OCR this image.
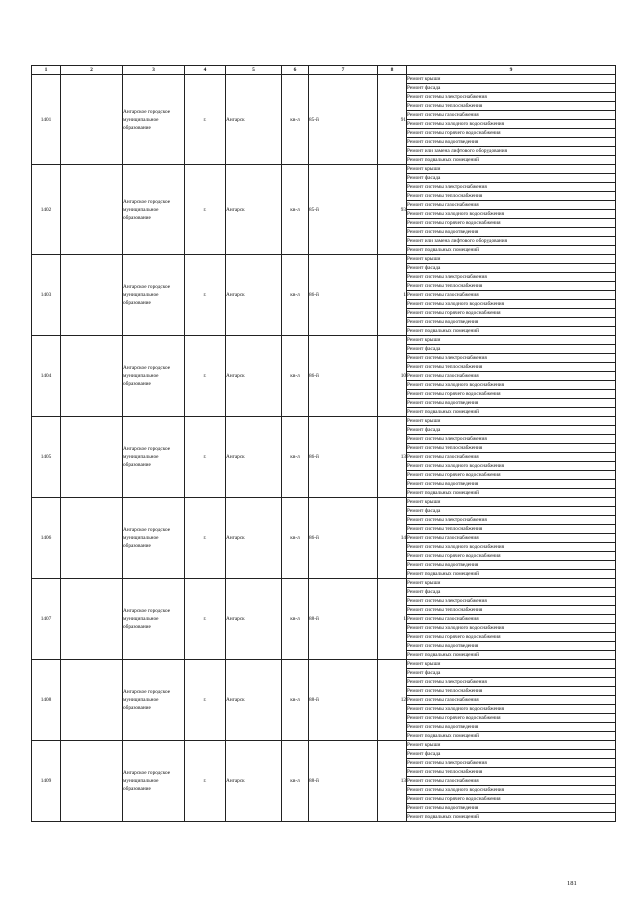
1	2	3	4	5	6	7	8	9
1401		Ангарское городское муниципальное образование	г.	Ангарск	кв-л	85-й	91	Ремонт крыши
								Ремонт фасада
								Ремонт системы электроснабжения
								Ремонт системы теплоснабжения
								Ремонт системы газоснабжения
								Ремонт системы холодного водоснабжения
								Ремонт системы горячего водоснабжения
								Ремонт системы водоотведения
								Ремонт или замена лифтового оборудования
								Ремонт подвальных помещений
1402		Ангарское городское муниципальное образование	г.	Ангарск	кв-л	85-й	93	Ремонт крыши
								Ремонт фасада
								Ремонт системы электроснабжения
								Ремонт системы теплоснабжения
								Ремонт системы газоснабжения
								Ремонт системы холодного водоснабжения
								Ремонт системы горячего водоснабжения
								Ремонт системы водоотведения
								Ремонт или замена лифтового оборудования
								Ремонт подвальных помещений
1403		Ангарское городское муниципальное образование	г.	Ангарск	кв-л	86-й	1	Ремонт крыши
								Ремонт фасада
								Ремонт системы электроснабжения
								Ремонт системы теплоснабжения
								Ремонт системы газоснабжения
								Ремонт системы холодного водоснабжения
								Ремонт системы горячего водоснабжения
								Ремонт системы водоотведения
								Ремонт подвальных помещений
1404		Ангарское городское муниципальное образование	г.	Ангарск	кв-л	86-й	10	Ремонт крыши
								Ремонт фасада
								Ремонт системы электроснабжения
								Ремонт системы теплоснабжения
								Ремонт системы газоснабжения
								Ремонт системы холодного водоснабжения
								Ремонт системы горячего водоснабжения
								Ремонт системы водоотведения
								Ремонт подвальных помещений
1405		Ангарское городское муниципальное образование	г.	Ангарск	кв-л	86-й	13	Ремонт крыши
								Ремонт фасада
								Ремонт системы электроснабжения
								Ремонт системы теплоснабжения
								Ремонт системы газоснабжения
								Ремонт системы холодного водоснабжения
								Ремонт системы горячего водоснабжения
								Ремонт системы водоотведения
								Ремонт подвальных помещений
1406		Ангарское городское муниципальное образование	г.	Ангарск	кв-л	86-й	14	Ремонт крыши
								Ремонт фасада
								Ремонт системы электроснабжения
								Ремонт системы теплоснабжения
								Ремонт системы газоснабжения
								Ремонт системы холодного водоснабжения
								Ремонт системы горячего водоснабжения
								Ремонт системы водоотведения
								Ремонт подвальных помещений
1407		Ангарское городское муниципальное образование	г.	Ангарск	кв-л	88-й	1	Ремонт крыши
								Ремонт фасада
								Ремонт системы электроснабжения
								Ремонт системы теплоснабжения
								Ремонт системы газоснабжения
								Ремонт системы холодного водоснабжения
								Ремонт системы горячего водоснабжения
								Ремонт системы водоотведения
								Ремонт подвальных помещений
1408		Ангарское городское муниципальное образование	г.	Ангарск	кв-л	88-й	12	Ремонт крыши
								Ремонт фасада
								Ремонт системы электроснабжения
								Ремонт системы теплоснабжения
								Ремонт системы газоснабжения
								Ремонт системы холодного водоснабжения
								Ремонт системы горячего водоснабжения
								Ремонт системы водоотведения
								Ремонт подвальных помещений
1409		Ангарское городское муниципальное образование	г.	Ангарск	кв-л	88-й	13	Ремонт крыши
								Ремонт фасада
								Ремонт системы электроснабжения
								Ремонт системы теплоснабжения
								Ремонт системы газоснабжения
								Ремонт системы холодного водоснабжения
								Ремонт системы горячего водоснабжения
								Ремонт системы водоотведения
								Ремонт подвальных помещений
181
